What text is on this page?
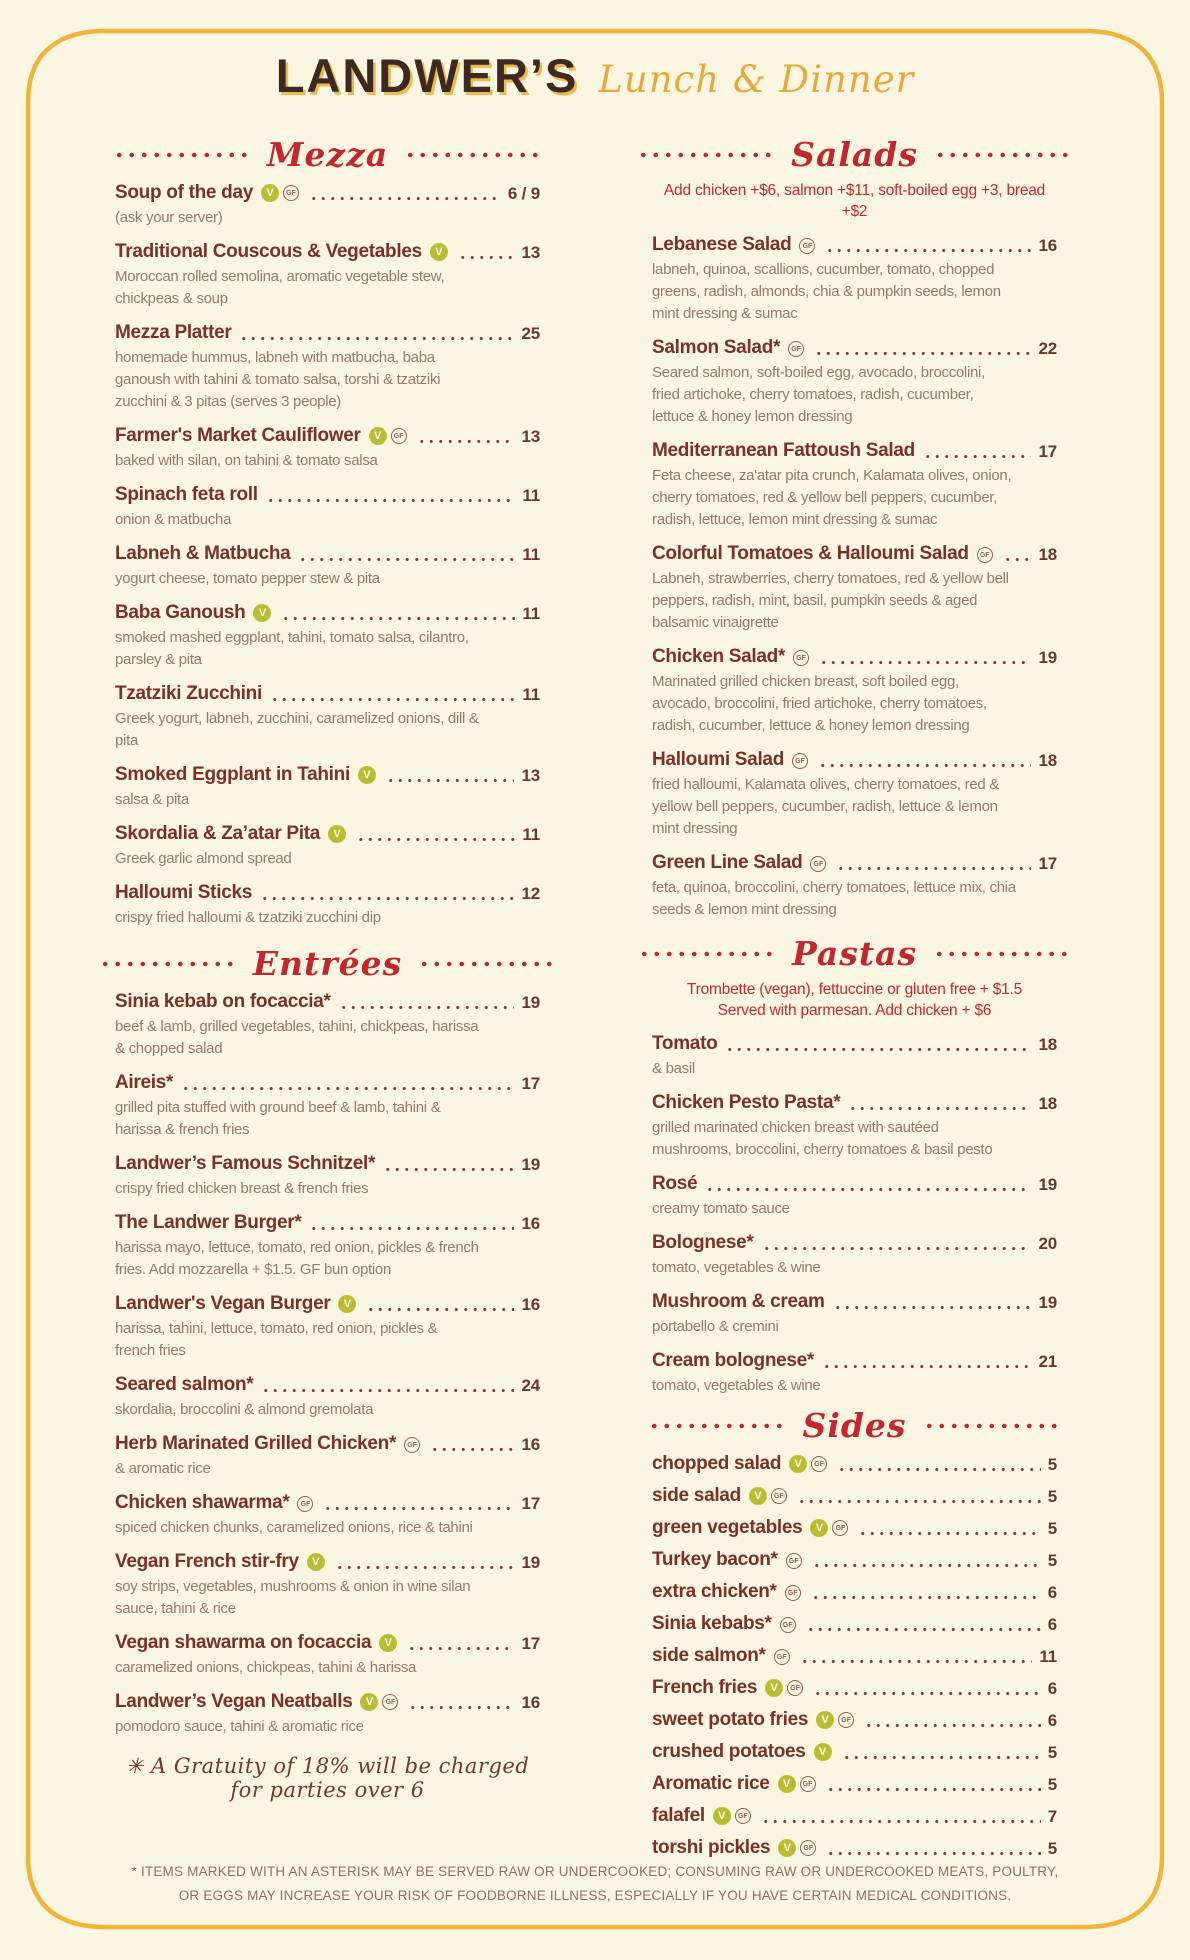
LANDWER’S Lunch & Dinner
Mezza
Soup of the day	V	GF	6 / 9
(ask your server)
Traditional Couscous & Vegetables	V	13
Moroccan rolled semolina, aromatic vegetable stew, chickpeas & soup
Mezza Platter	25
homemade hummus, labneh with matbucha, baba ganoush with tahini & tomato salsa, torshi & tzatziki zucchini & 3 pitas (serves 3 people)
Farmer's Market Cauliflower	V	GF	13
baked with silan, on tahini & tomato salsa
Spinach feta roll	11
onion & matbucha
Labneh & Matbucha	11
yogurt cheese, tomato pepper stew & pita
Baba Ganoush	V	11
smoked mashed eggplant, tahini, tomato salsa, cilantro, parsley & pita
Tzatziki Zucchini	11
Greek yogurt, labneh, zucchini, caramelized onions, dill & pita
Smoked Eggplant in Tahini	V	13
salsa & pita
Skordalia & Za’atar Pita	V	11
Greek garlic almond spread
Halloumi Sticks	12
crispy fried halloumi & tzatziki zucchini dip
Entrées
Sinia kebab on focaccia*	19
beef & lamb, grilled vegetables, tahini, chickpeas, harissa & chopped salad
Aireis*	17
grilled pita stuffed with ground beef & lamb, tahini & harissa & french fries
Landwer’s Famous Schnitzel*	19
crispy fried chicken breast & french fries
The Landwer Burger*	16
harissa mayo, lettuce, tomato, red onion, pickles & french fries. Add mozzarella + $1.5. GF bun option
Landwer's Vegan Burger	V	16
harissa, tahini, lettuce, tomato, red onion, pickles & french fries
Seared salmon*	24
skordalia, broccolini & almond gremolata
Herb Marinated Grilled Chicken*	GF	16
& aromatic rice
Chicken shawarma*	GF	17
spiced chicken chunks, caramelized onions, rice & tahini
Vegan French stir-fry	V	19
soy strips, vegetables, mushrooms & onion in wine silan sauce, tahini & rice
Vegan shawarma on focaccia	V	17
caramelized onions, chickpeas, tahini & harissa
Landwer’s Vegan Neatballs	V	GF	16
pomodoro sauce, tahini & aromatic rice
✳ A Gratuity of 18% will be charged for parties over 6
Salads
Add chicken +$6, salmon +$11, soft-boiled egg +3, bread +$2
Lebanese Salad	GF	16
labneh, quinoa, scallions, cucumber, tomato, chopped greens, radish, almonds, chia & pumpkin seeds, lemon mint dressing & sumac
Salmon Salad*	GF	22
Seared salmon, soft-boiled egg, avocado, broccolini, fried artichoke, cherry tomatoes, radish, cucumber, lettuce & honey lemon dressing
Mediterranean Fattoush Salad	17
Feta cheese, za'atar pita crunch, Kalamata olives, onion, cherry tomatoes, red & yellow bell peppers, cucumber, radish, lettuce, lemon mint dressing & sumac
Colorful Tomatoes & Halloumi Salad	GF	18
Labneh, strawberries, cherry tomatoes, red & yellow bell peppers, radish, mint, basil, pumpkin seeds & aged balsamic vinaigrette
Chicken Salad*	GF	19
Marinated grilled chicken breast, soft boiled egg, avocado, broccolini, fried artichoke, cherry tomatoes, radish, cucumber, lettuce & honey lemon dressing
Halloumi Salad	GF	18
fried halloumi, Kalamata olives, cherry tomatoes, red & yellow bell peppers, cucumber, radish, lettuce & lemon mint dressing
Green Line Salad	GF	17
feta, quinoa, broccolini, cherry tomatoes, lettuce mix, chia seeds & lemon mint dressing
Pastas
Trombette (vegan), fettuccine or gluten free + $1.5
Served with parmesan. Add chicken + $6
Tomato	18
& basil
Chicken Pesto Pasta*	18
grilled marinated chicken breast with sautéed mushrooms, broccolini, cherry tomatoes & basil pesto
Rosé	19
creamy tomato sauce
Bolognese*	20
tomato, vegetables & wine
Mushroom & cream	19
portabello & cremini
Cream bolognese*	21
tomato, vegetables & wine
Sides
chopped salad	V	GF	5
side salad	V	GF	5
green vegetables	V	GF	5
Turkey bacon*	GF	5
extra chicken*	GF	6
Sinia kebabs*	GF	6
side salmon*	GF	11
French fries	V	GF	6
sweet potato fries	V	GF	6
crushed potatoes	V	5
Aromatic rice	V	GF	5
falafel	V	GF	7
torshi pickles	V	GF	5
* ITEMS MARKED WITH AN ASTERISK MAY BE SERVED RAW OR UNDERCOOKED; CONSUMING RAW OR UNDERCOOKED MEATS, POULTRY,
OR EGGS MAY INCREASE YOUR RISK OF FOODBORNE ILLNESS, ESPECIALLY IF YOU HAVE CERTAIN MEDICAL CONDITIONS.
